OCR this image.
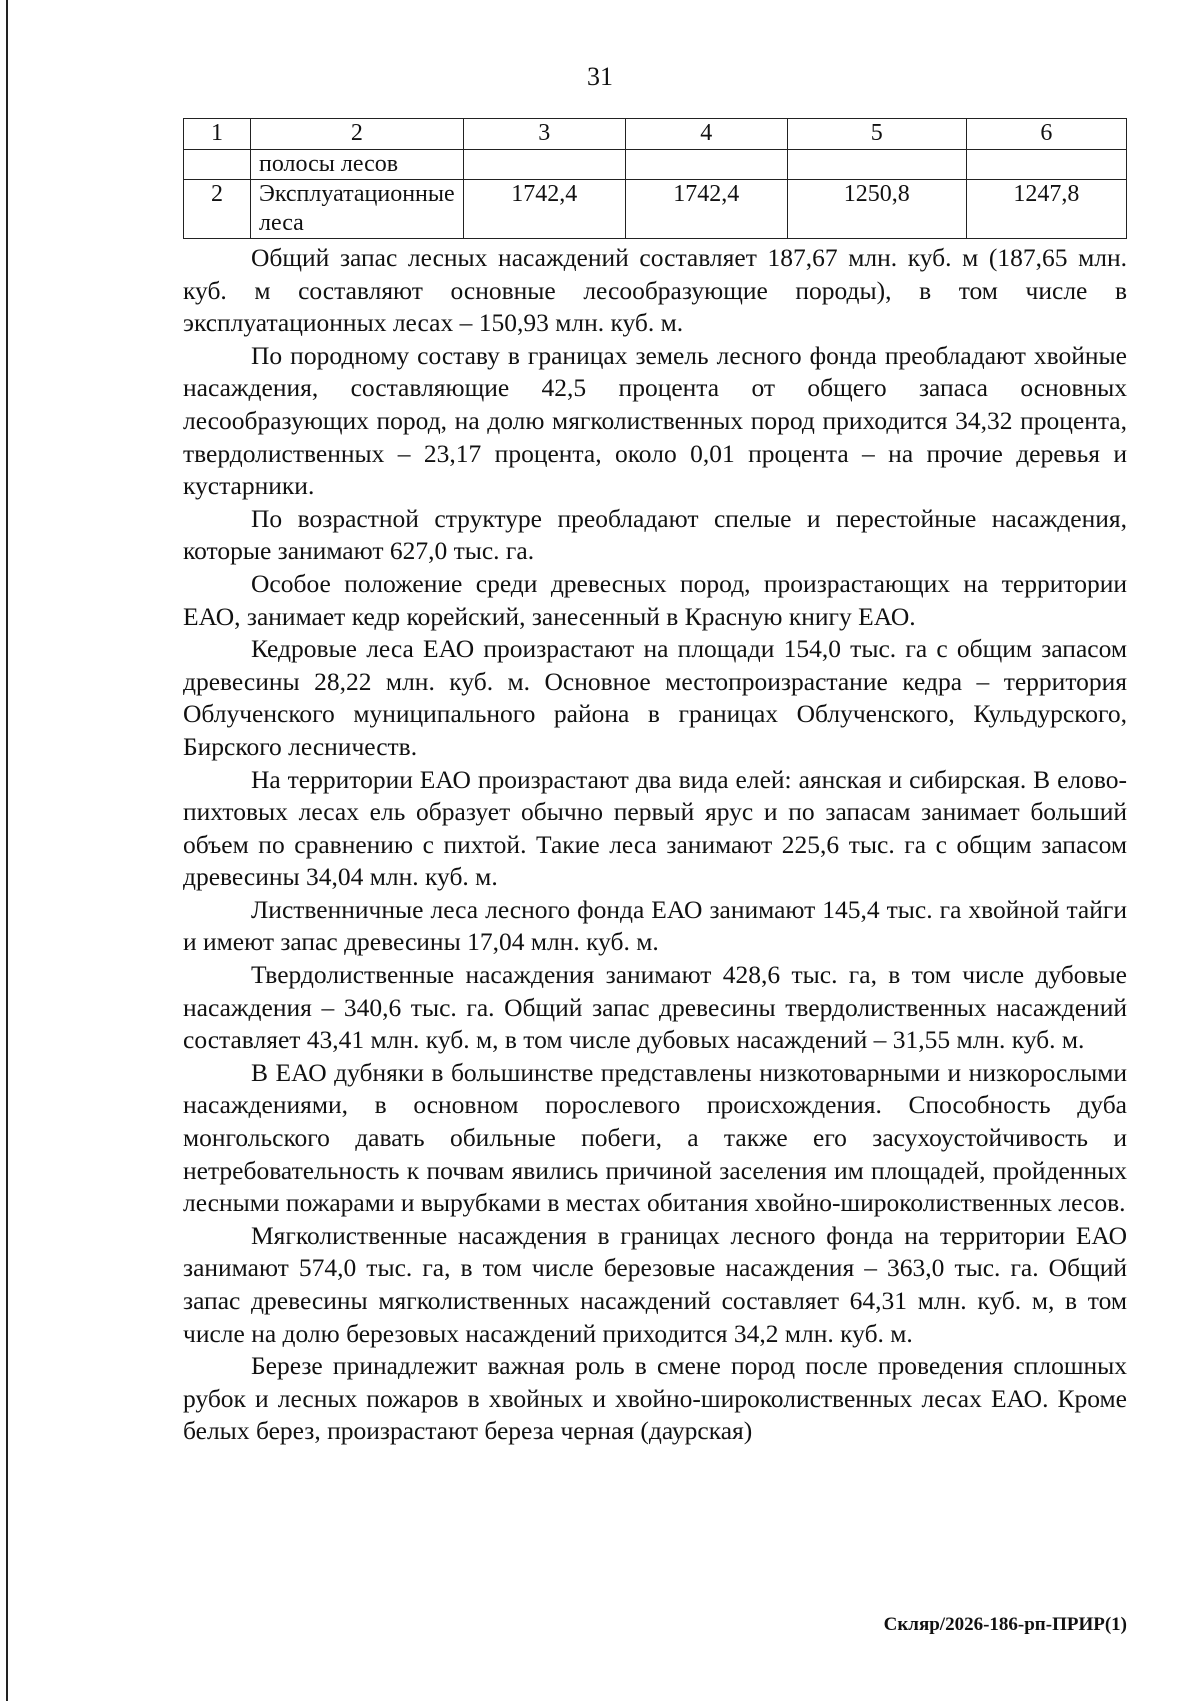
31
1	2	3	4	5	6
	полосы лесов				
2	Эксплуатационные леса	1742,4	1742,4	1250,8	1247,8

Общий запас лесных насаждений составляет 187,67 млн. куб. м (187,65 млн. куб. м составляют основные лесообразующие породы), в том числе в эксплуатационных лесах – 150,93 млн. куб. м.

По породному составу в границах земель лесного фонда преобладают хвойные насаждения, составляющие 42,5 процента от общего запаса основных лесообразующих пород, на долю мягколиственных пород приходится 34,32 процента, твердолиственных – 23,17 процента, около 0,01 процента – на прочие деревья и кустарники.

По возрастной структуре преобладают спелые и перестойные насаждения, которые занимают 627,0 тыс. га.

Особое положение среди древесных пород, произрастающих на территории ЕАО, занимает кедр корейский, занесенный в Красную книгу ЕАО.

Кедровые леса ЕАО произрастают на площади 154,0 тыс. га с общим запасом древесины 28,22 млн. куб. м. Основное местопроизрастание кедра – территория Облученского муниципального района в границах Облученского, Кульдурского, Бирского лесничеств.

На территории ЕАО произрастают два вида елей: аянская и сибирская. В елово-пихтовых лесах ель образует обычно первый ярус и по запасам занимает больший объем по сравнению с пихтой. Такие леса занимают 225,6 тыс. га с общим запасом древесины 34,04 млн. куб. м.

Лиственничные леса лесного фонда ЕАО занимают 145,4 тыс. га хвойной тайги и имеют запас древесины 17,04 млн. куб. м.

Твердолиственные насаждения занимают 428,6 тыс. га, в том числе дубовые насаждения – 340,6 тыс. га. Общий запас древесины твердолиственных насаждений составляет 43,41 млн. куб. м, в том числе дубовых насаждений – 31,55 млн. куб. м.

В ЕАО дубняки в большинстве представлены низкотоварными и низкорослыми насаждениями, в основном порослевого происхождения. Способность дуба монгольского давать обильные побеги, а также его засухоустойчивость и нетребовательность к почвам явились причиной заселения им площадей, пройденных лесными пожарами и вырубками в местах обитания хвойно-широколиственных лесов.

Мягколиственные насаждения в границах лесного фонда на территории ЕАО занимают 574,0 тыс. га, в том числе березовые насаждения – 363,0 тыс. га. Общий запас древесины мягколиственных насаждений составляет 64,31 млн. куб. м, в том числе на долю березовых насаждений приходится 34,2 млн. куб. м.

Березе принадлежит важная роль в смене пород после проведения сплошных рубок и лесных пожаров в хвойных и хвойно-широколиственных лесах ЕАО. Кроме белых берез, произрастают береза черная (даурская)

Скляр/2026-186-рп-ПРИР(1)
